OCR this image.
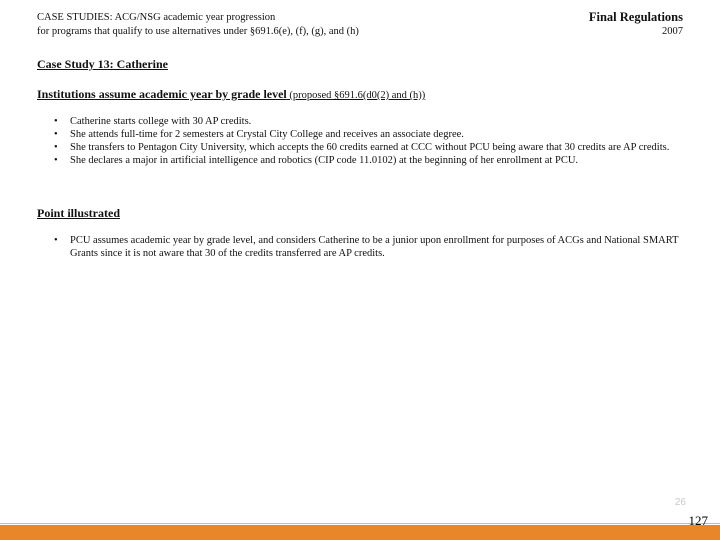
CASE STUDIES: ACG/NSG academic year progression
for programs that qualify to use alternatives under §691.6(e), (f), (g), and (h)
Final Regulations
2007
Case Study 13: Catherine
Institutions assume academic year by grade level (proposed §691.6(d0(2) and (h))
• Catherine starts college with 30 AP credits.
• She attends full-time for 2 semesters at Crystal City College and receives an associate degree.
• She transfers to Pentagon City University, which accepts the 60 credits earned at CCC without PCU being aware that 30 credits are AP credits.
• She declares a major in artificial intelligence and robotics (CIP code 11.0102) at the beginning of her enrollment at PCU.
Point illustrated
• PCU assumes academic year by grade level, and considers Catherine to be a junior upon enrollment for purposes of ACGs and National SMART Grants since it is not aware that 30 of the credits transferred are AP credits.
26
127
